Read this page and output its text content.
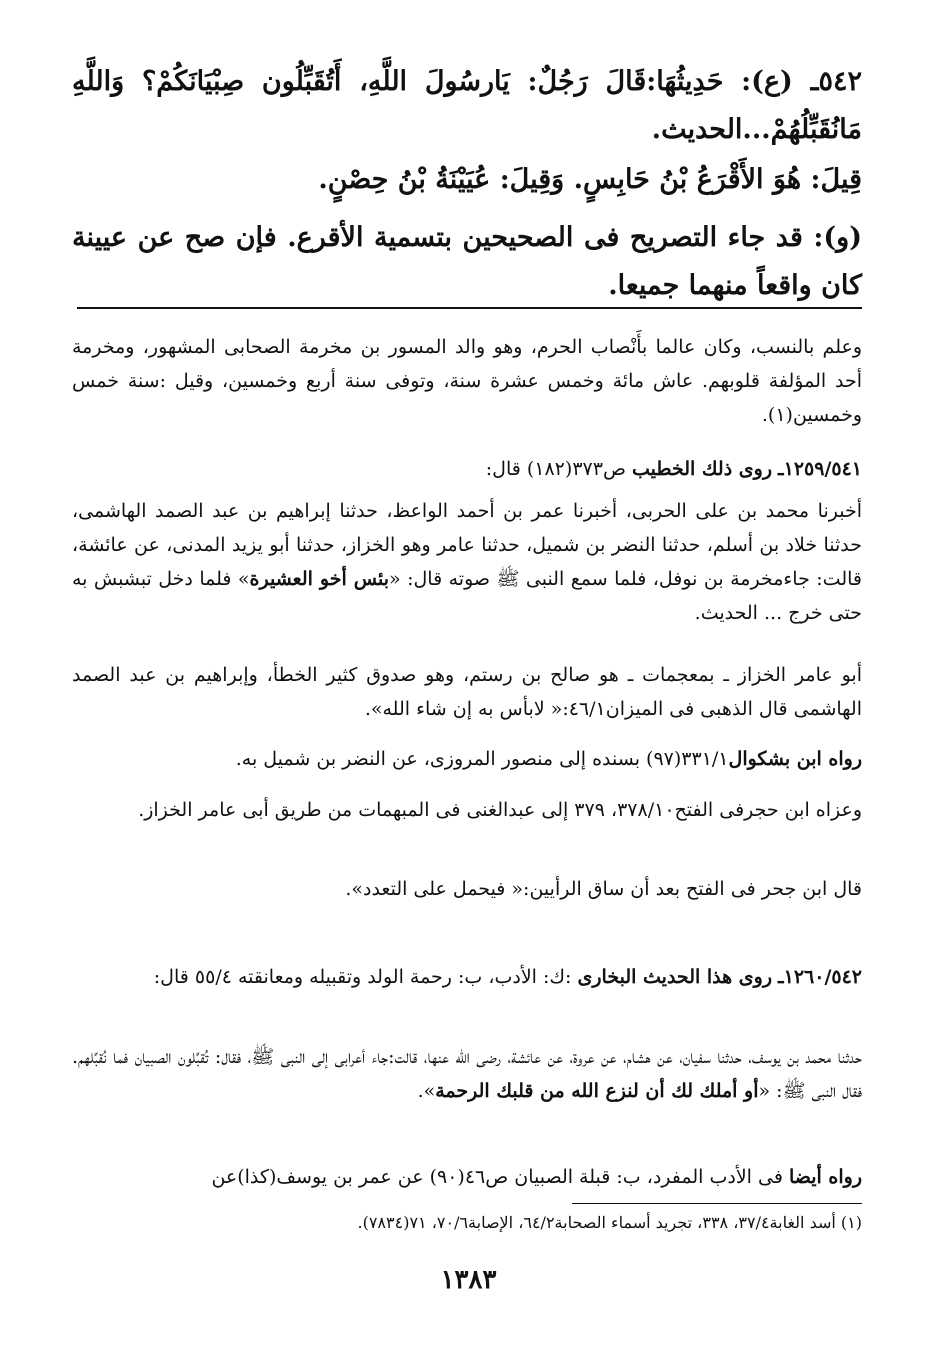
٥٤٢ـ (ع): حَدِيثُهَا:قَالَ رَجُلٌ: يَارسُولَ اللَّهِ، أَتُقَبِّلُون صِبْيَانَكُمْ؟ وَاللَّهِ مَانُقَبِّلُهُمْ...الحديث.
قِيلَ: هُوَ الأَقْرَعُ بْنُ حَابِسٍ. وَقِيلَ: عُيَيْنَةُ بْنُ حِصْنٍ.
(و): قد جاء التصريح فى الصحيحين بتسمية الأقرع. فإن صح عن عيينة كان واقعاً منهما جميعا.
وعلم بالنسب، وكان عالما بأَنْصاب الحرم، وهو والد المسور بن مخرمة الصحابى المشهور، ومخرمة أحد المؤلفة قلوبهم. عاش مائة وخمس عشرة سنة، وتوفى سنة أربع وخمسين، وقيل :سنة خمس وخمسين(١).
١٢٥٩/٥٤١ـ روى ذلك الخطيب ص٣٧٣(١٨٢) قال:
أخبرنا محمد بن على الحربى، أخبرنا عمر بن أحمد الواعظ، حدثنا إبراهيم بن عبد الصمد الهاشمى، حدثنا خلاد بن أسلم، حدثنا النضر بن شميل، حدثنا عامر وهو الخزاز، حدثنا أبو يزيد المدنى، عن عائشة، قالت: جاءمخرمة بن نوفل، فلما سمع النبى ﷺ صوته قال: «بئس أخو العشيرة» فلما دخل تبشبش به حتى خرج ... الحديث.
أبو عامر الخزاز ـ بمعجمات ـ هو صالح بن رستم، وهو صدوق كثير الخطأ، وإبراهيم بن عبد الصمد الهاشمى قال الذهبى فى الميزان٤٦/١:« لابأس به إن شاء الله».
رواه ابن بشكوال٣٣١/١(٩٧) بسنده إلى منصور المروزى، عن النضر بن شميل به.
وعزاه ابن حجرفى الفتح٣٧٨/١٠، ٣٧٩ إلى عبدالغنى فى المبهمات من طريق أبى عامر الخزاز.
قال ابن جحر فى الفتح بعد أن ساق الرأيين:« فيحمل على التعدد».
١٢٦٠/٥٤٢ـ روى هذا الحديث البخارى :ك: الأدب، ب: رحمة الولد وتقبيله ومعانقته ٥٥/٤ قال:
حدثنا محمد بن يوسف، حدثنا سفيان، عن هشام، عن عروة، عن عائشة، رضى الله عنها، قالت:جاء أعرابى إلى النبى ﷺ، فقال: تُقبِّلون الصبيان فما نُقبِّلهم. فقال النبى ﷺ: «أو أملك لك أن لنزع الله من قلبك الرحمة».
رواه أيضا فى الأدب المفرد، ب: قبلة الصبيان ص٤٦(٩٠) عن عمر بن يوسف(كذا)عن
(١) أسد الغابة٣٧/٤، ٣٣٨، تجريد أسماء الصحابة٦٤/٢، الإصابة٧٠/٦، ٧١(٧٨٣٤).
١٣٨٣
